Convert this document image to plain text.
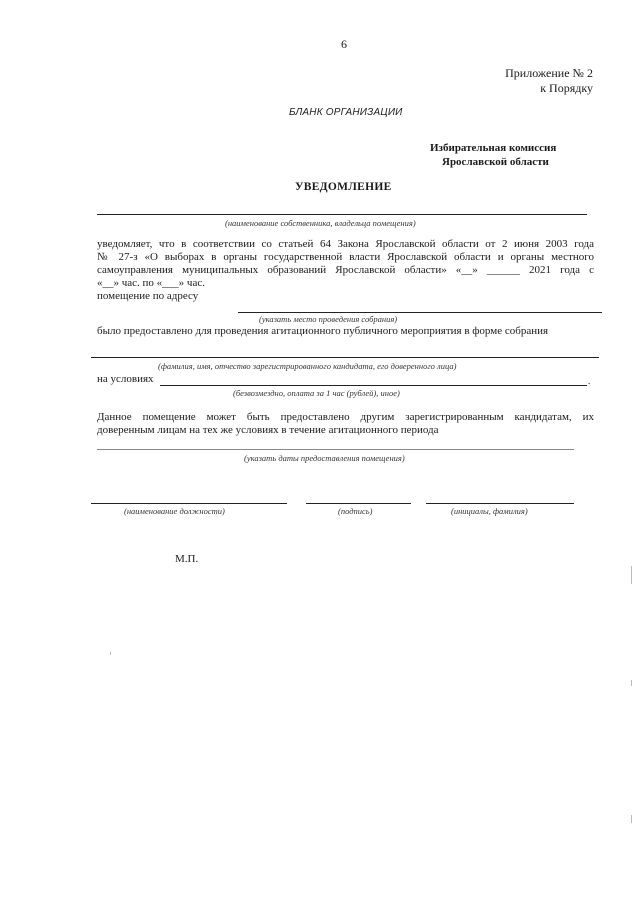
6
Приложение № 2
к Порядку
БЛАНК ОРГАНИЗАЦИИ
Избирательная комиссия
Ярославской области
УВЕДОМЛЕНИЕ
(наименование собственника, владельца помещения)
уведомляет, что в соответствии со статьей 64 Закона Ярославской области от 2 июня 2003 года
№ 27-з «О выборах в органы государственной власти Ярославской области и органы местного
самоуправления муниципальных образований Ярославской области» «__» ______ 2021 года с
«__» час. по «___» час.
помещение по адресу
(указать место проведения собрания)
было предоставлено для проведения агитационного публичного мероприятия в форме собрания
(фамилия, имя, отчество зарегистрированного кандидата, его доверенного лица)
на условиях	.
(безвозмездно, оплата за 1 час (рублей), иное)
Данное помещение может быть предоставлено другим зарегистрированным кандидатам, их
доверенным лицам на тех же условиях в течение агитационного периода
(указать даты предоставления помещения)
(наименование должности)	(подпись)	(инициалы, фамилия)
М.П.
